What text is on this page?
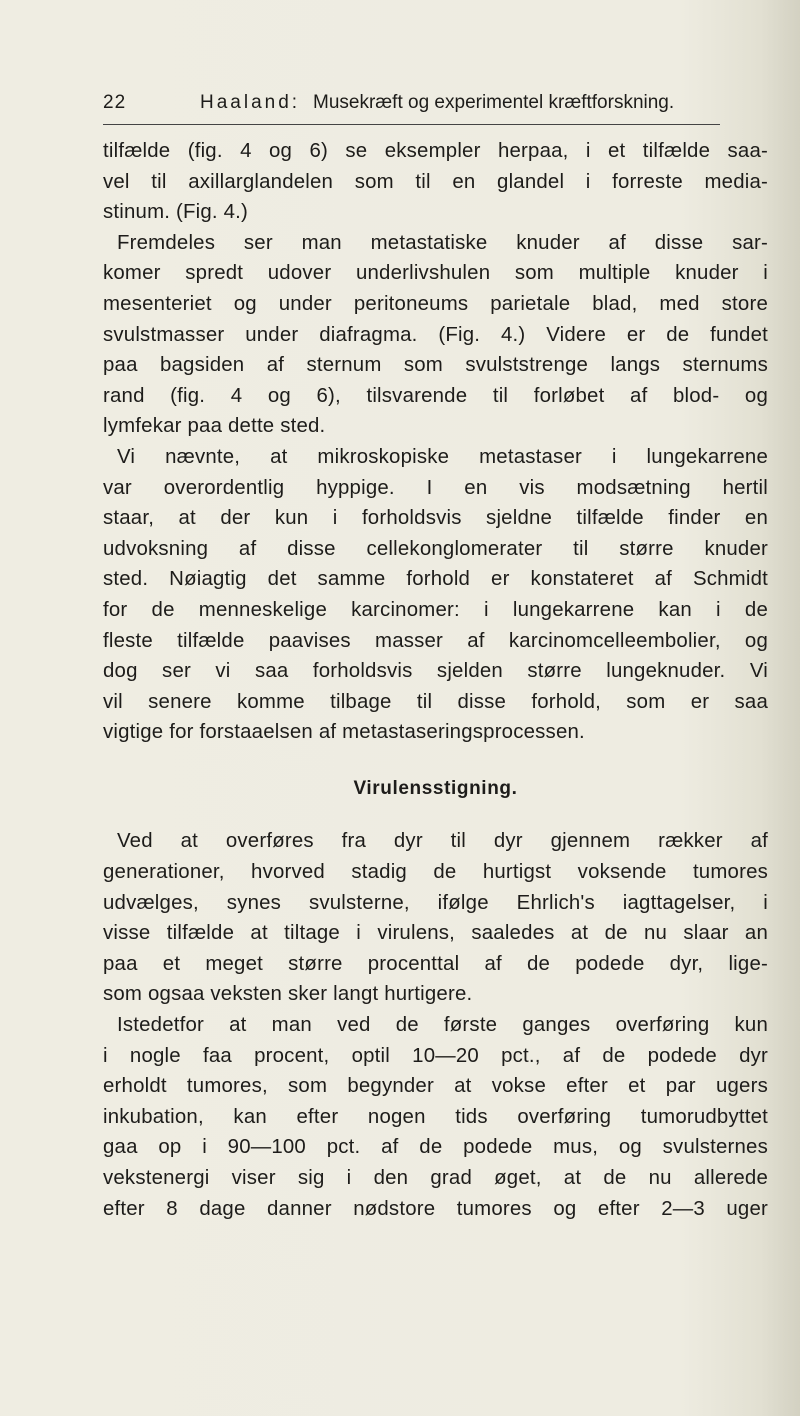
22	Haaland: Musekræft og experimentel kræftforskning.

tilfælde (fig. 4 og 6) se eksempler herpaa, i et tilfælde saa-
vel til axillarglandelen som til en glandel i forreste media-
stinum. (Fig. 4.)

Fremdeles ser man metastatiske knuder af disse sar-
komer spredt udover underlivshulen som multiple knuder i
mesenteriet og under peritoneums parietale blad, med store
svulstmasser under diafragma. (Fig. 4.) Videre er de fundet
paa bagsiden af sternum som svulststrenge langs sternums
rand (fig. 4 og 6), tilsvarende til forløbet af blod- og
lymfekar paa dette sted.

Vi nævnte, at mikroskopiske metastaser i lungekarrene
var overordentlig hyppige. I en vis modsætning hertil
staar, at der kun i forholdsvis sjeldne tilfælde finder en
udvoksning af disse cellekonglomerater til større knuder
sted. Nøiagtig det samme forhold er konstateret af Schmidt
for de menneskelige karcinomer: i lungekarrene kan i de
fleste tilfælde paavises masser af karcinomcelleembolier, og
dog ser vi saa forholdsvis sjelden større lungeknuder. Vi
vil senere komme tilbage til disse forhold, som er saa
vigtige for forstaaelsen af metastaseringsprocessen.

Virulensstigning.

Ved at overføres fra dyr til dyr gjennem rækker af
generationer, hvorved stadig de hurtigst voksende tumores
udvælges, synes svulsterne, ifølge Ehrlich's iagttagelser, i
visse tilfælde at tiltage i virulens, saaledes at de nu slaar an
paa et meget større procenttal af de podede dyr, lige-
som ogsaa veksten sker langt hurtigere.

Istedetfor at man ved de første ganges overføring kun
i nogle faa procent, optil 10—20 pct., af de podede dyr
erholdt tumores, som begynder at vokse efter et par ugers
inkubation, kan efter nogen tids overføring tumorudbyttet
gaa op i 90—100 pct. af de podede mus, og svulsternes
vekstenergi viser sig i den grad øget, at de nu allerede
efter 8 dage danner nødstore tumores og efter 2—3 uger
